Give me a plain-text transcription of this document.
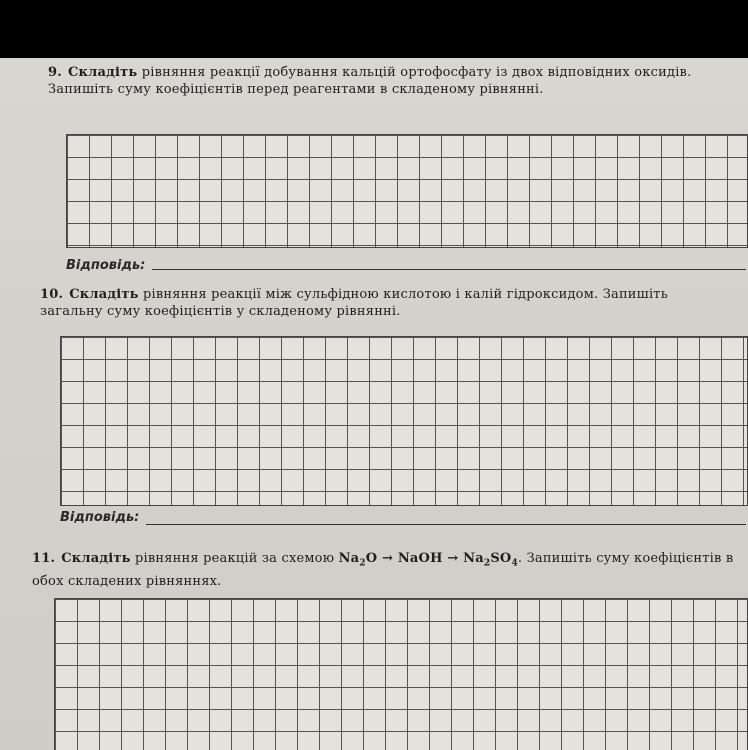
9. Складіть рівняння реакції добування кальцій ортофосфату із двох відповідних оксидів. Запишіть суму коефіцієнтів перед реагентами в складеному рівнянні.
Відповідь:
10. Складіть рівняння реакції між сульфідною кислотою і калій гідроксидом. Запишіть загальну суму коефіцієнтів у складеному рівнянні.
Відповідь:
11. Складіть рівняння реакцій за схемою $Na_2O$ → NaOH → $Na_2SO_4$. Запишіть суму коефіцієнтів в обох складених рівняннях.
